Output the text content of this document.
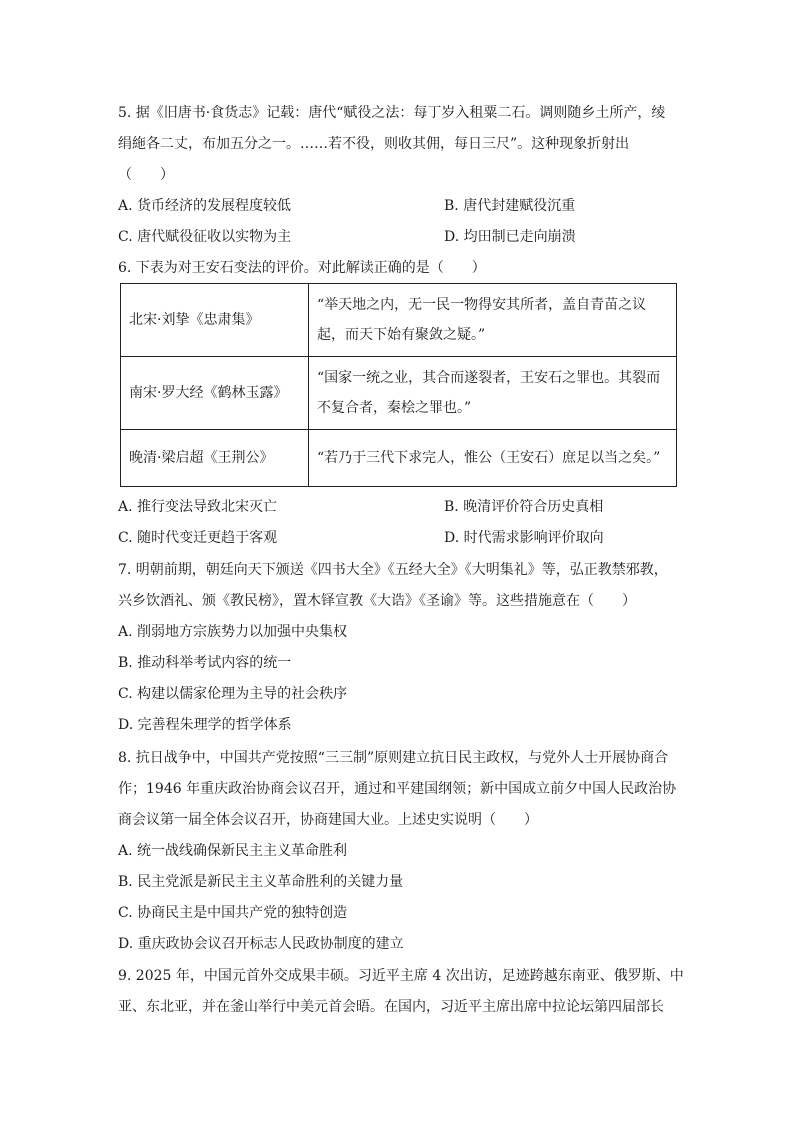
5. 据《旧唐书·食货志》记载：唐代“赋役之法：每丁岁入租粟二石。调则随乡土所产，绫
绢絁各二丈，布加五分之一。……若不役，则收其佣，每日三尺”。这种现象折射出
（　　）
A. 货币经济的发展程度较低	B. 唐代封建赋役沉重
C. 唐代赋役征收以实物为主	D. 均田制已走向崩溃
6. 下表为对王安石变法的评价。对此解读正确的是（　　）
北宋·刘挚《忠肃集》	“举天地之内，无一民一物得安其所者，盖自青苗之议
起，而天下始有聚敛之疑。”

南宋·罗大经《鹤林玉露》	“国家一统之业，其合而遂裂者，王安石之罪也。其裂而
不复合者，秦桧之罪也。”

晚清·梁启超《王荆公》	“若乃于三代下求完人，惟公（王安石）庶足以当之矣。”
A. 推行变法导致北宋灭亡	B. 晚清评价符合历史真相
C. 随时代变迁更趋于客观	D. 时代需求影响评价取向
7. 明朝前期，朝廷向天下颁送《四书大全》《五经大全》《大明集礼》等，弘正教禁邪教，
兴乡饮酒礼、颁《教民榜》，置木铎宣教《大诰》《圣谕》等。这些措施意在（　　）
A. 削弱地方宗族势力以加强中央集权
B. 推动科举考试内容的统一
C. 构建以儒家伦理为主导的社会秩序
D. 完善程朱理学的哲学体系
8. 抗日战争中，中国共产党按照“三三制”原则建立抗日民主政权，与党外人士开展协商合
作；1946 年重庆政治协商会议召开，通过和平建国纲领；新中国成立前夕中国人民政治协
商会议第一届全体会议召开，协商建国大业。上述史实说明（　　）
A. 统一战线确保新民主主义革命胜利
B. 民主党派是新民主主义革命胜利的关键力量
C. 协商民主是中国共产党的独特创造
D. 重庆政协会议召开标志人民政协制度的建立
9. 2025 年，中国元首外交成果丰硕。习近平主席 4 次出访，足迹跨越东南亚、俄罗斯、中
亚、东北亚，并在釜山举行中美元首会晤。在国内，习近平主席出席中拉论坛第四届部长
